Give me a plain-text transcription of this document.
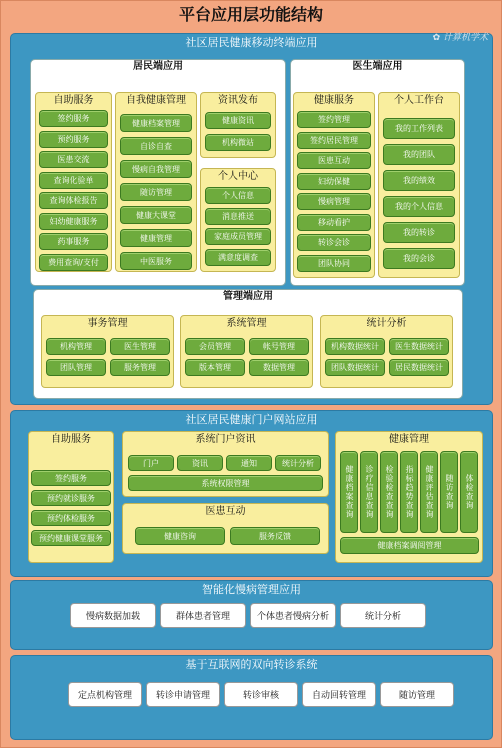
平台应用层功能结构
社区居民健康移动终端应用	✿ 计算机学术
居民端应用
自助服务	自我健康管理	资讯发布
个人中心
医生端应用
健康服务	个人工作台
管理端应用
事务管理	系统管理	统计分析
社区居民健康门户网站应用
自助服务	系统门户资讯
医患互动
健康管理
智能化慢病管理应用
基于互联网的双向转诊系统
签约服务
预约服务
医患交流
查询化验单
查询体检报告
妇幼健康服务
药事服务
费用查询/支付
健康档案管理
自诊自查
慢病自我管理
随访管理
健康大课堂
健康管理
中医服务
健康资讯
机构微站
个人信息
消息推送
家庭成员管理
满意度调查
签约管理
签约居民管理
医患互动
妇幼保健
慢病管理
移动看护
转诊会诊
团队协同
我的工作列表
我的团队
我的绩效
我的个人信息
我的转诊
我的会诊
机构管理	医生管理
团队管理	服务管理
会员管理	帐号管理
版本管理	数据管理
机构数据统计	医生数据统计
团队数据统计	居民数据统计
签约服务
预约就诊服务
预约体检服务
预约健康课堂服务
门户	资讯	通知	统计分析
系统权限管理
健康咨询	服务反馈
健康档案查询	诊疗信息查询	检验检查查询	指标趋势查询	健康评估查询	随访查询	体检查询
健康档案调阅管理
慢病数据加载	群体患者管理	个体患者慢病分析	统计分析
定点机构管理	转诊申请管理	转诊审核	自动回转管理	随访管理
